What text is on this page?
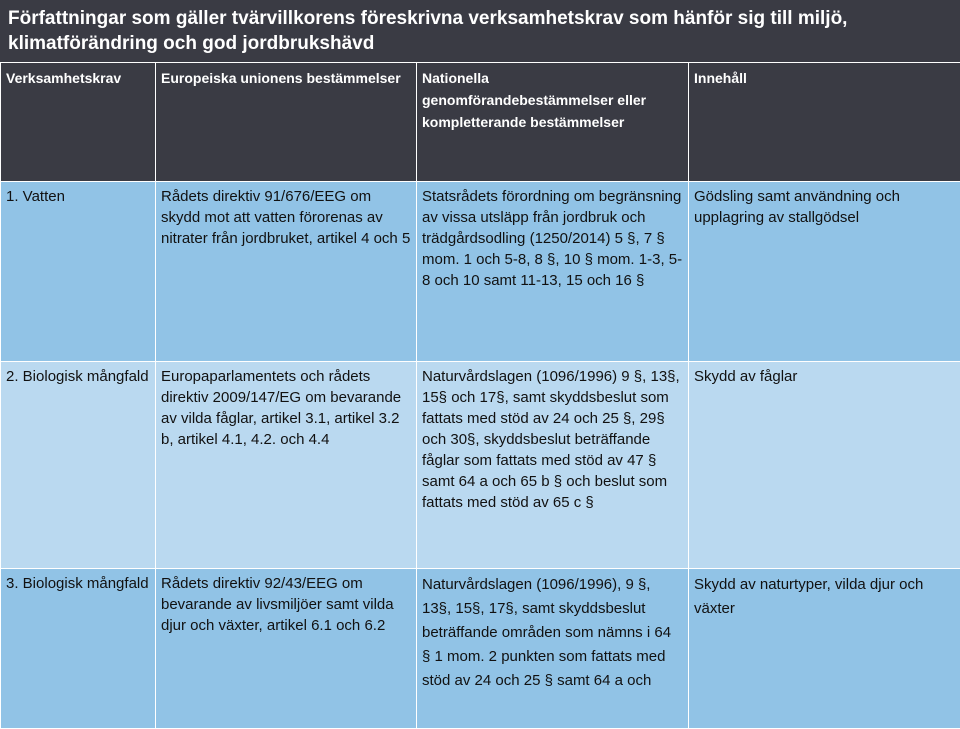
Författningar som gäller tvärvillkorens föreskrivna verksamhetskrav som hänför sig till miljö, klimatförändring och god jordbrukshävd
Verksamhetskrav	Europeiska unionens bestämmelser	Nationella genomförandebestämmelser eller kompletterande bestämmelser	Innehåll
1. Vatten	Rådets direktiv 91/676/EEG om skydd mot att vatten förorenas av nitrater från jordbruket, artikel 4 och 5	Statsrådets förordning om begränsning av vissa utsläpp från jordbruk och trädgårdsodling (1250/2014) 5 §, 7 § mom. 1 och 5-8, 8 §, 10 § mom. 1-3, 5-8 och 10 samt 11-13, 15 och 16 §	Gödsling samt användning och upplagring av stallgödsel
2. Biologisk mångfald	Europaparlamentets och rådets direktiv 2009/147/EG om bevarande av vilda fåglar, artikel 3.1, artikel 3.2 b, artikel 4.1, 4.2. och 4.4	Naturvårdslagen (1096/1996) 9 §, 13§, 15§ och 17§, samt skyddsbeslut som fattats med stöd av 24 och 25 §, 29§ och 30§, skyddsbeslut beträffande fåglar som fattats med stöd av 47 § samt 64 a och 65 b § och beslut som fattats med stöd av 65 c §	Skydd av fåglar
3. Biologisk mångfald	Rådets direktiv 92/43/EEG om bevarande av livsmiljöer samt vilda djur och växter, artikel 6.1 och 6.2	Naturvårdslagen (1096/1996), 9 §, 13§, 15§, 17§, samt skyddsbeslut beträffande områden som nämns i 64 § 1 mom. 2 punkten som fattats med stöd av 24 och 25 § samt 64 a och	Skydd av naturtyper, vilda djur och växter
